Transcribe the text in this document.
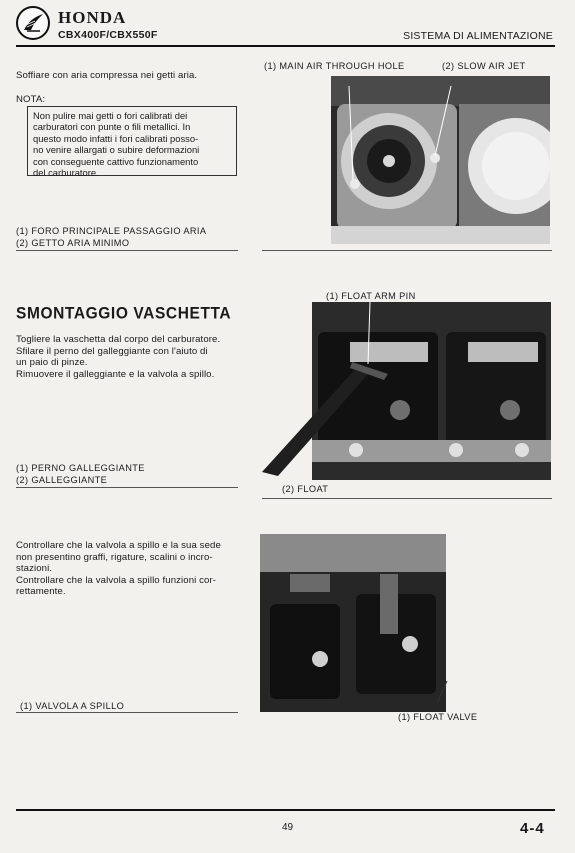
HONDA
CBX400F/CBX550F	SISTEMA DI ALIMENTAZIONE
Soffiare con aria compressa nei getti aria.
NOTA:
Non pulire mai getti o fori calibrati dei
carburatori con punte o fili metallici. In
questo modo infatti i fori calibrati posso-
no venire allargati o subire deformazioni
con conseguente cattivo funzionamento
del carburatore.
(1) FORO PRINCIPALE PASSAGGIO ARIA
(2) GETTO ARIA MINIMO
(1) MAIN AIR THROUGH HOLE	(2) SLOW AIR JET
SMONTAGGIO VASCHETTA
Togliere la vaschetta dal corpo del carburatore.
Sfilare il perno del galleggiante con l'aiuto di
un paio di pinze.
Rimuovere il galleggiante e la valvola a spillo.
(1) PERNO GALLEGGIANTE
(2) GALLEGGIANTE
(1) FLOAT ARM PIN
(2) FLOAT
Controllare che la valvola a spillo e la sua sede
non presentino graffi, rigature, scalini o incro-
stazioni.
Controllare che la valvola a spillo funzioni cor-
rettamente.
(1) VALVOLA A SPILLO
(1) FLOAT VALVE
49	4-4
